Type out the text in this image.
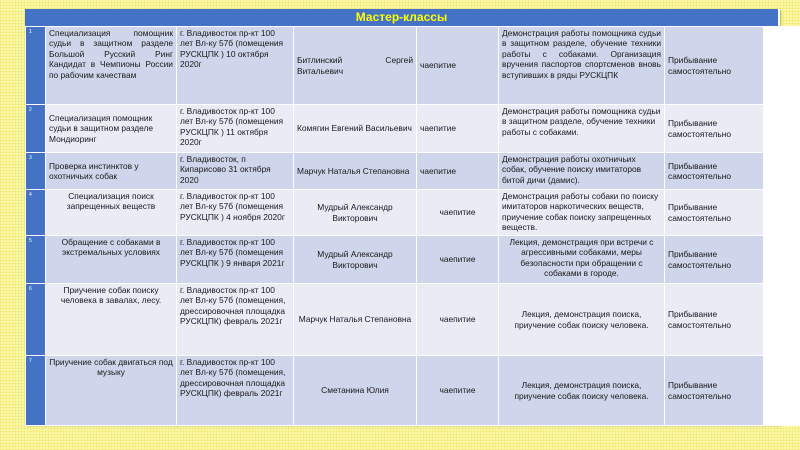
Мастер-классы
1	Специализация помощник судьи в защитном разделе Большой Русский Ринг Кандидат в Чемпионы России по рабочим качествам	г. Владивосток пр-кт 100 лет Вл-ку 57б (помещения РУСКЦПК ) 10 октября 2020г	Битлинский Сергей Витальевич	чаепитие	Демонстрация работы помощника судьи в защитном разделе, обучение техники работы с собаками. Организация вручения паспортов спортсменов вновь вступивших в ряды РУСКЦПК	Прибывание самостоятельно	
2	Специализация помощник судьи в защитном разделе Мондиоринг	г. Владивосток пр-кт 100 лет Вл-ку 57б (помещения РУСКЦПК ) 11 октября 2020г	Комягин Евгений Васильевич	чаепитие	Демонстрация работы помощника судьи в защитном разделе, обучение техники работы с собаками.	Прибывание самостоятельно	
3	Проверка инстинктов у охотничьих собак	г. Владивосток, п Кипарисово 31 октября 2020	Марчук Наталья Степановна	чаепитие	Демонстрация работы охотничьих собак, обучение поиску имитаторов битой дичи (дамис).	Прибывание самостоятельно	
4	Специализация поиск запрещенных веществ	г. Владивосток пр-кт 100 лет Вл-ку 57б (помещения РУСКЦПК ) 4 ноября 2020г	Мудрый Александр Викторович	чаепитие	Демонстрация работы собаки по поиску имитаторов наркотических веществ, приучение собак поиску запрещенных веществ.	Прибывание самостоятельно	
5	Обращение с собаками в экстремальных условиях	г. Владивосток пр-кт 100 лет Вл-ку 57б (помещения РУСКЦПК ) 9 января 2021г	Мудрый Александр Викторович	чаепитие	Лекция, демонстрация при встречи с агрессивными собаками, меры безопасности при обращении с собаками в городе.	Прибывание самостоятельно	
6	Приучение собак поиску человека в завалах, лесу.	г. Владивосток пр-кт 100 лет Вл-ку 57б (помещения, дрессировочная площадка РУСКЦПК) февраль 2021г	Марчук Наталья Степановна	чаепитие	Лекция, демонстрация поиска, приучение собак поиску человека.	Прибывание самостоятельно	
7	Приучение собак двигаться под музыку	г. Владивосток пр-кт 100 лет Вл-ку 57б (помещения, дрессировочная площадка РУСКЦПК) февраль 2021г	Сметанина Юлия	чаепитие	Лекция, демонстрация поиска, приучение собак поиску человека.	Прибывание самостоятельно	
